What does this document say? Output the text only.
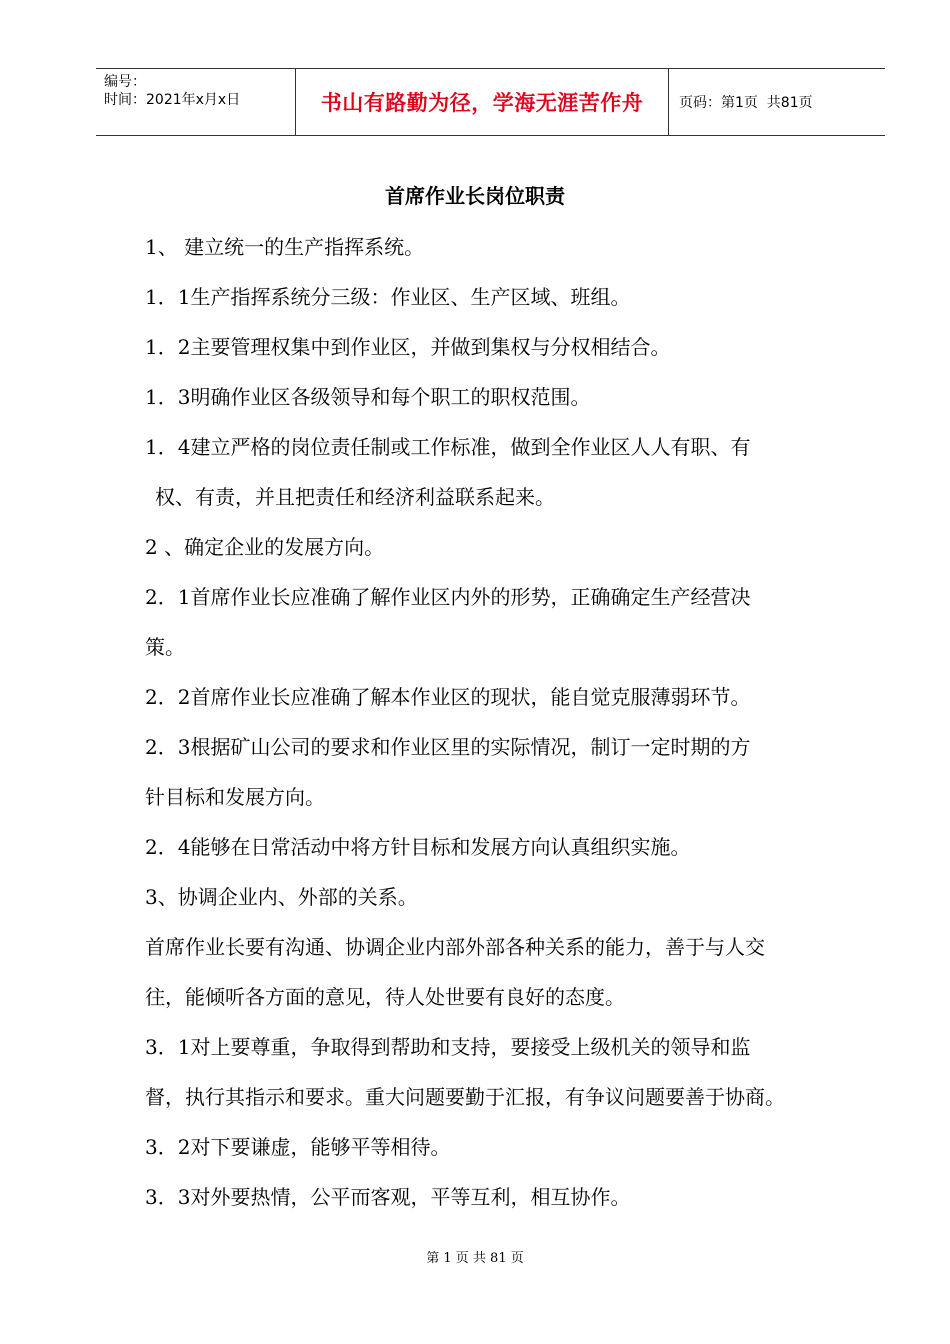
编号：
时间：2021年x月x日	书山有路勤为径，学海无涯苦作舟	页码：第1页  共81页
首席作业长岗位职责

1、 建立统一的生产指挥系统。

1．1生产指挥系统分三级：作业区、生产区域、班组。

1．2主要管理权集中到作业区，并做到集权与分权相结合。

1．3明确作业区各级领导和每个职工的职权范围。

1．4建立严格的岗位责任制或工作标准，做到全作业区人人有职、有

权、有责，并且把责任和经济利益联系起来。

2 、确定企业的发展方向。

2．1首席作业长应准确了解作业区内外的形势，正确确定生产经营决

策。

2．2首席作业长应准确了解本作业区的现状，能自觉克服薄弱环节。

2．3根据矿山公司的要求和作业区里的实际情况，制订一定时期的方

针目标和发展方向。

2．4能够在日常活动中将方针目标和发展方向认真组织实施。

3、协调企业内、外部的关系。

首席作业长要有沟通、协调企业内部外部各种关系的能力，善于与人交

往，能倾听各方面的意见，待人处世要有良好的态度。

3．1对上要尊重，争取得到帮助和支持，要接受上级机关的领导和监

督，执行其指示和要求。重大问题要勤于汇报，有争议问题要善于协商。

3．2对下要谦虚，能够平等相待。

3．3对外要热情，公平而客观，平等互利，相互协作。

第 1 页 共 81 页
